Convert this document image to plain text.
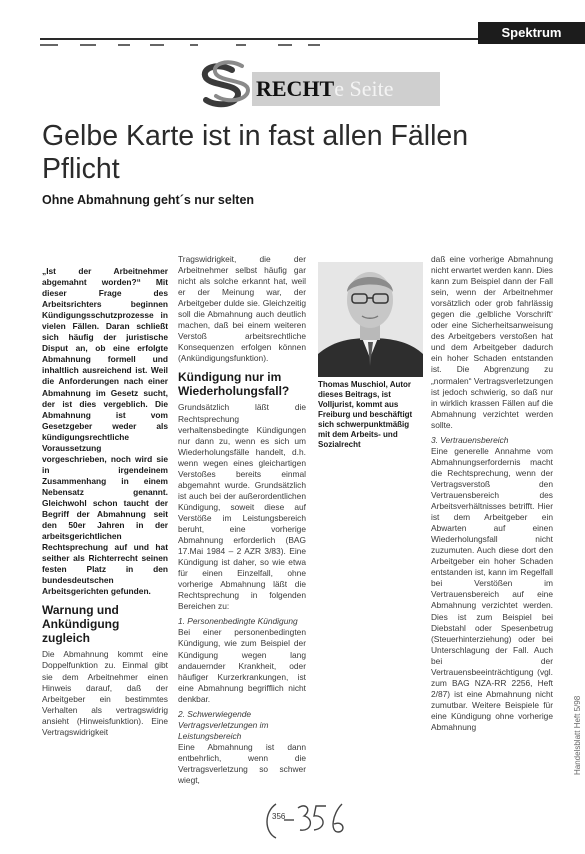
Spektrum
RECHTe Seite
Gelbe Karte ist in fast allen Fällen Pflicht
Ohne Abmahnung geht´s nur selten

„Ist der Arbeitnehmer abgemahnt worden?“ Mit dieser Frage des Arbeitsrichters beginnen Kündigungsschutzprozesse in vielen Fällen. Daran schließt sich häufig der juristische Disput an, ob eine erfolgte Abmahnung formell und inhaltlich ausreichend ist. Weil die Anforderungen nach einer Abmahnung im Gesetz sucht, der ist dies vergeblich. Die Abmahnung ist vom Gesetzgeber weder als kündigungsrechtliche Voraussetzung vorgeschrieben, noch wird sie in irgendeinem Zusammenhang in einem Nebensatz genannt. Gleichwohl schon taucht der Begriff der Abmahnung seit den 50er Jahren in der arbeitsgerichtlichen Rechtsprechung auf und hat seither als Richterrecht seinen festen Platz in den bundesdeutschen Arbeitsgerichten gefunden.

Warnung und Ankündigung zugleich

Die Abmahnung kommt eine Doppelfunktion zu. Einmal gibt sie dem Arbeitnehmer einen Hinweis darauf, daß der Arbeitgeber ein bestimmtes Verhalten als vertragswidrig ansieht (Hinweisfunktion). Eine Vertragswidrigkeit

Tragswidrigkeit, die der Arbeitnehmer selbst häufig gar nicht als solche erkannt hat, weil er der Meinung war, der Arbeitgeber dulde sie. Gleichzeitig soll die Abmahnung auch deutlich machen, daß bei einem weiteren Verstoß arbeitsrechtliche Konsequenzen erfolgen können (Ankündigungsfunktion).

Kündigung nur im Wiederholungsfall?

Grundsätzlich läßt die Rechtsprechung verhaltensbedingte Kündigungen nur dann zu, wenn es sich um Wiederholungsfälle handelt, d.h. wenn wegen eines gleichartigen Verstoßes bereits einmal abgemahnt wurde. Grundsätzlich ist auch bei der außerordentlichen Kündigung, soweit diese auf Verstöße im Leistungsbereich beruht, eine vorherige Abmahnung erforderlich (BAG 17.Mai 1984 – 2 AZR 3/83). Eine Kündigung ist daher, so wie etwa für einen Einzelfall, ohne vorherige Abmahnung läßt die Rechtsprechung in folgenden Bereichen zu:

1. Personenbedingte Kündigung

Bei einer personenbedingten Kündigung, wie zum Beispiel der Kündigung wegen lang andauernder Krankheit, oder häufiger Kurzerkrankungen, ist eine Abmahnung begrifflich nicht denkbar.

2. Schwerwiegende Vertragsverletzungen im Leistungsbereich

Eine Abmahnung ist dann entbehrlich, wenn die Vertragsverletzung so schwer wiegt,

Thomas Muschiol, Autor dieses Beitrags, ist Volljurist, kommt aus Freiburg und beschäftigt sich schwerpunktmäßig mit dem Arbeits- und Sozialrecht

daß eine vorherige Abmahnung nicht erwartet werden kann. Dies kann zum Beispiel dann der Fall sein, wenn der Arbeitnehmer vorsätzlich oder grob fahrlässig gegen die ‚gelbliche Vorschrift‘ oder eine Sicherheitsanweisung des Arbeitgebers verstoßen hat und dem Arbeitgeber dadurch ein hoher Schaden entstanden ist. Die Abgrenzung zu „normalen“ Vertragsverletzungen ist jedoch schwierig, so daß nur in wirklich krassen Fällen auf die Abmahnung verzichtet werden sollte.

3. Vertrauensbereich

Eine generelle Annahme vom Abmahnungserfordernis macht die Rechtsprechung, wenn der Vertragsverstoß den Vertrauensbereich des Arbeitsverhältnisses betrifft. Hier ist dem Arbeitgeber ein Abwarten auf einen Wiederholungsfall nicht zuzumuten. Auch diese dort den Arbeitgeber ein hoher Schaden entstanden ist, kann im Regelfall bei Verstößen im Vertrauensbereich auf eine Abmahnung verzichtet werden. Dies ist zum Beispiel bei Diebstahl oder Spesenbetrug (Steuerhinterziehung) oder bei Unterschlagung der Fall. Auch bei der Vertrauensbeeinträchtigung (vgl. zum BAG NZA-RR 2256, Heft 2/87) ist eine Abmahnung nicht zumutbar. Weitere Beispiele für eine Kündigung ohne vorherige Abmahnung	Handelsblatt Heft 5/98
356
